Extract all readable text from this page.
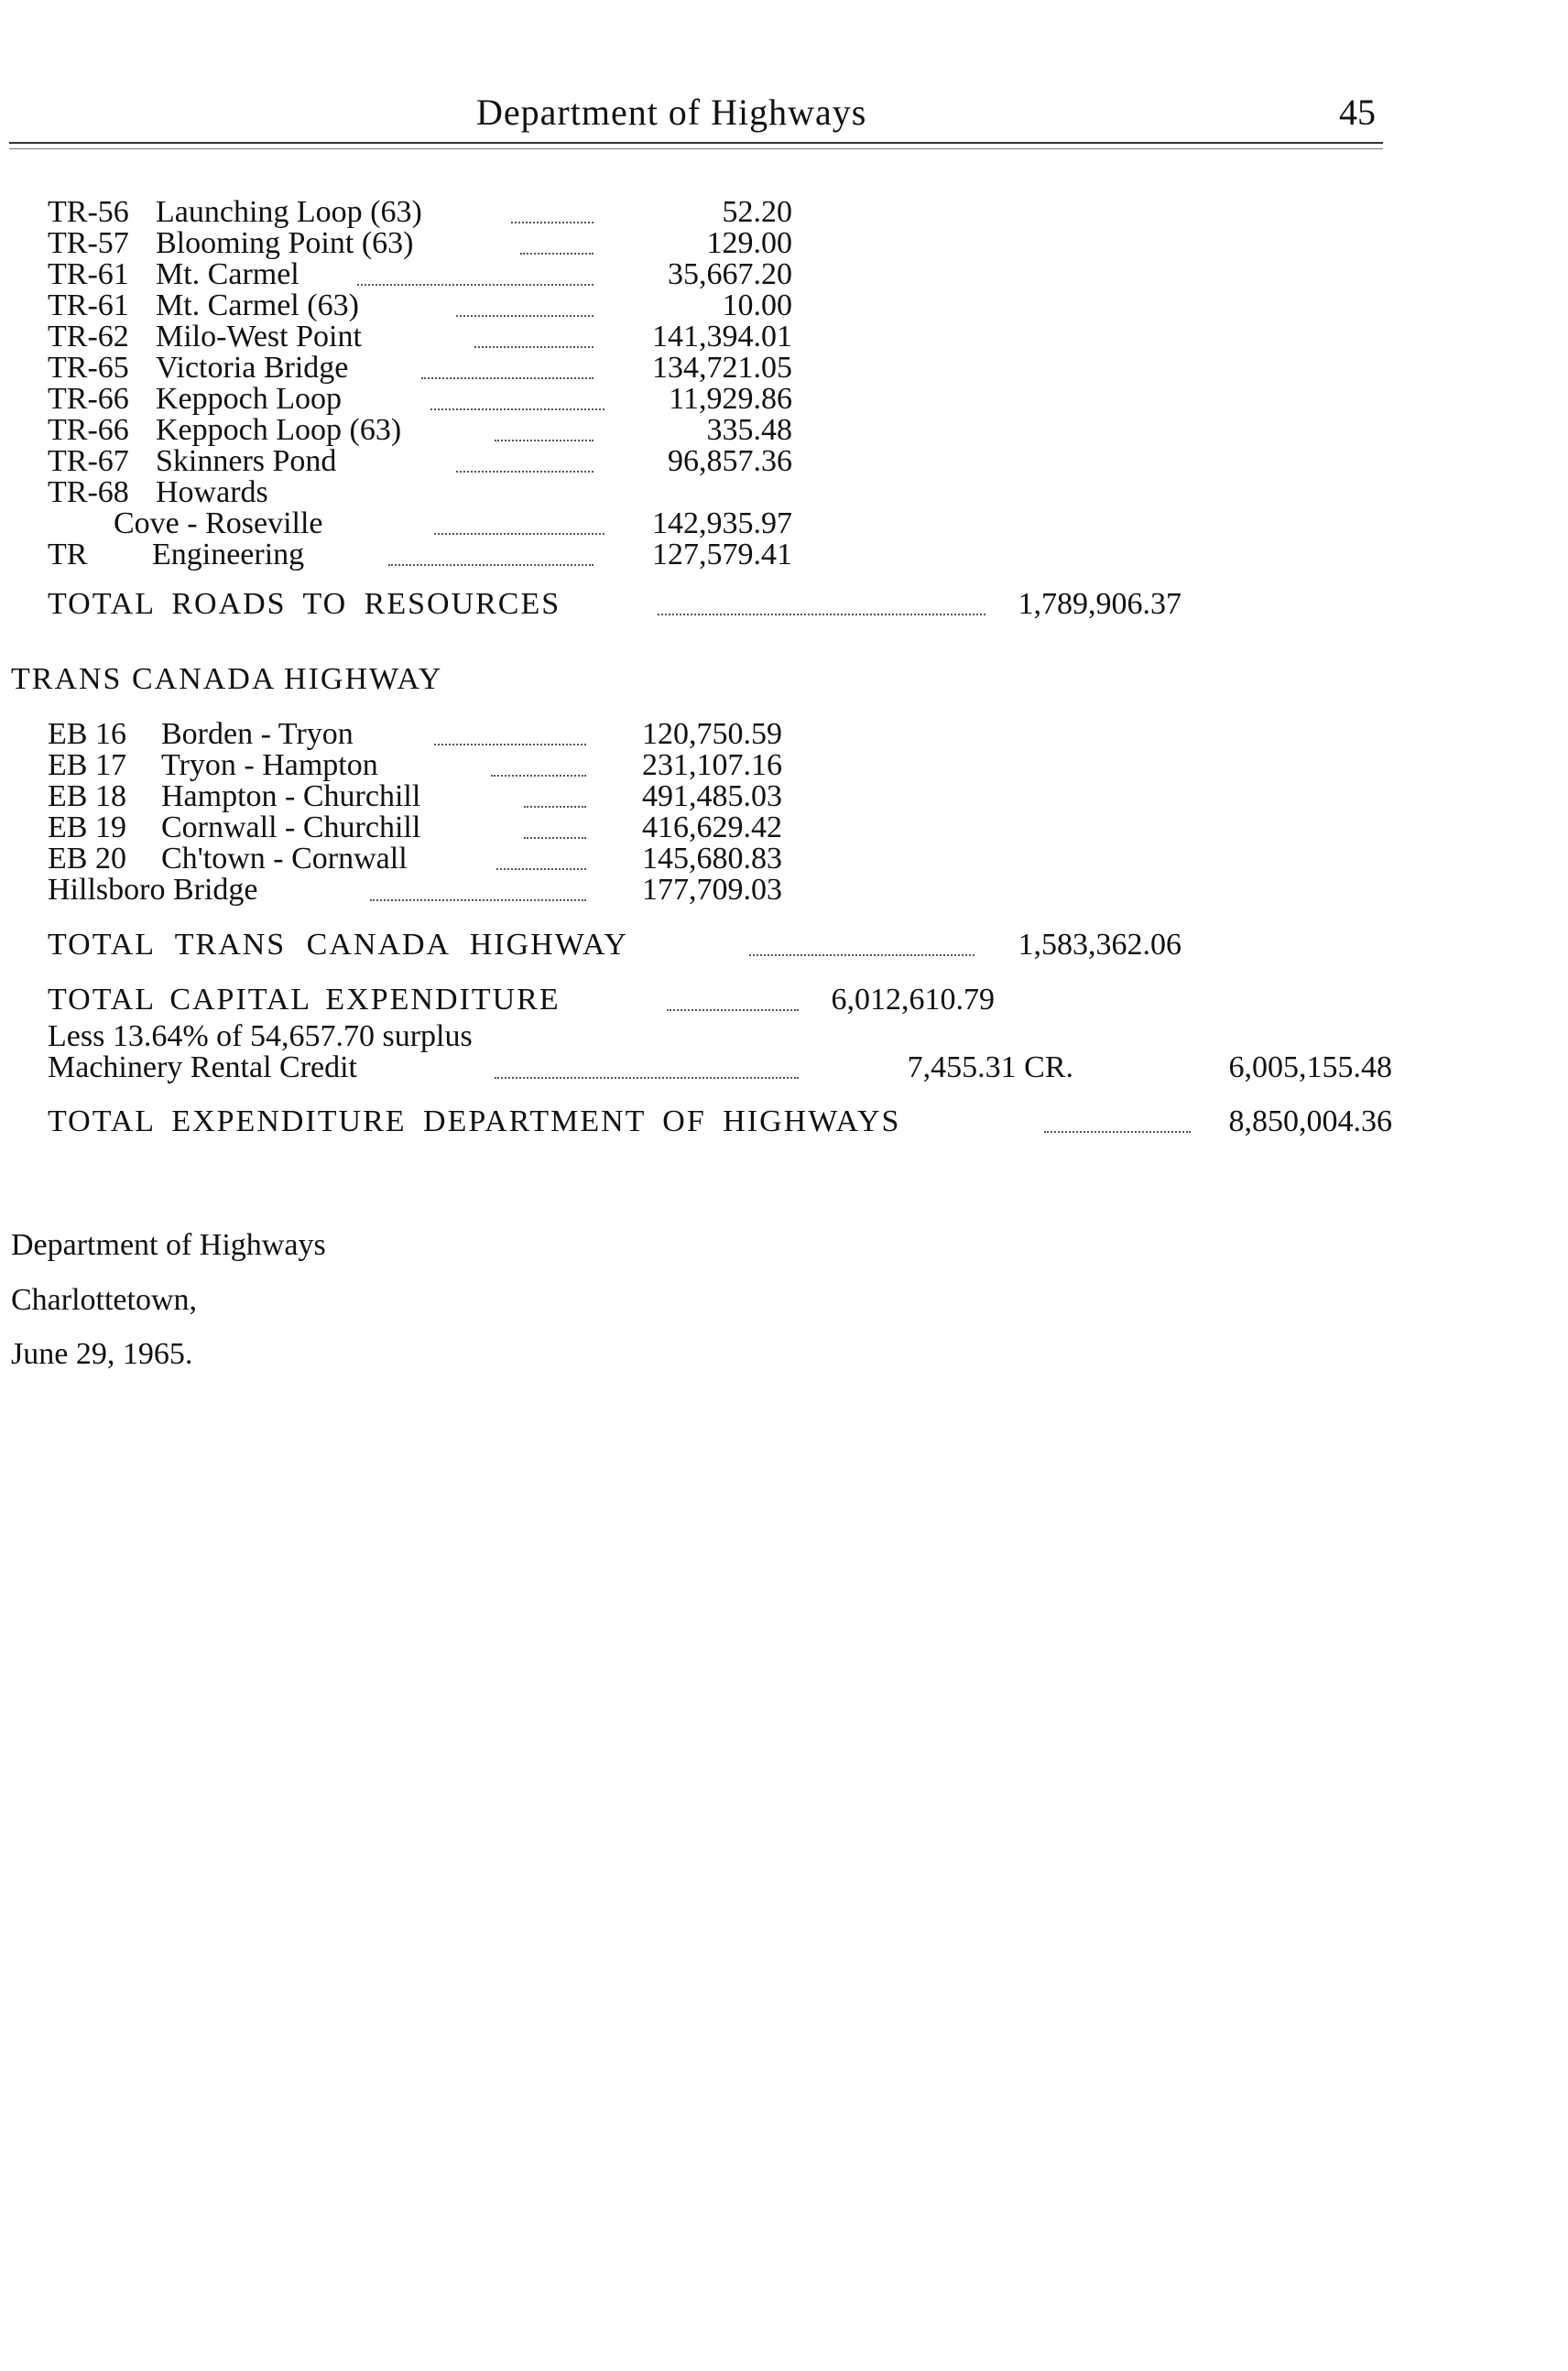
Department of Highways	45
TR-56 Launching Loop (63)	52.20
TR-57 Blooming Point (63)	129.00
TR-61 Mt. Carmel	35,667.20
TR-61 Mt. Carmel (63)	10.00
TR-62 Milo-West Point	141,394.01
TR-65 Victoria Bridge	134,721.05
TR-66 Keppoch Loop	11,929.86
TR-66 Keppoch Loop (63)	335.48
TR-67 Skinners Pond	96,857.36
TR-68 Howards
Cove - Roseville	142,935.97
TR Engineering	127,579.41
TOTAL ROADS TO RESOURCES	1,789,906.37
TRANS CANADA HIGHWAY
EB 16 Borden - Tryon	120,750.59
EB 17 Tryon - Hampton	231,107.16
EB 18 Hampton - Churchill	491,485.03
EB 19 Cornwall - Churchill	416,629.42
EB 20 Ch'town - Cornwall	145,680.83
Hillsboro Bridge	177,709.03
TOTAL TRANS CANADA HIGHWAY	1,583,362.06
TOTAL CAPITAL EXPENDITURE	6,012,610.79
Less 13.64% of 54,657.70 surplus
Machinery Rental Credit	7,455.31 CR.	6,005,155.48
TOTAL EXPENDITURE DEPARTMENT OF HIGHWAYS	8,850,004.36
Department of Highways
Charlottetown,
June 29, 1965.
